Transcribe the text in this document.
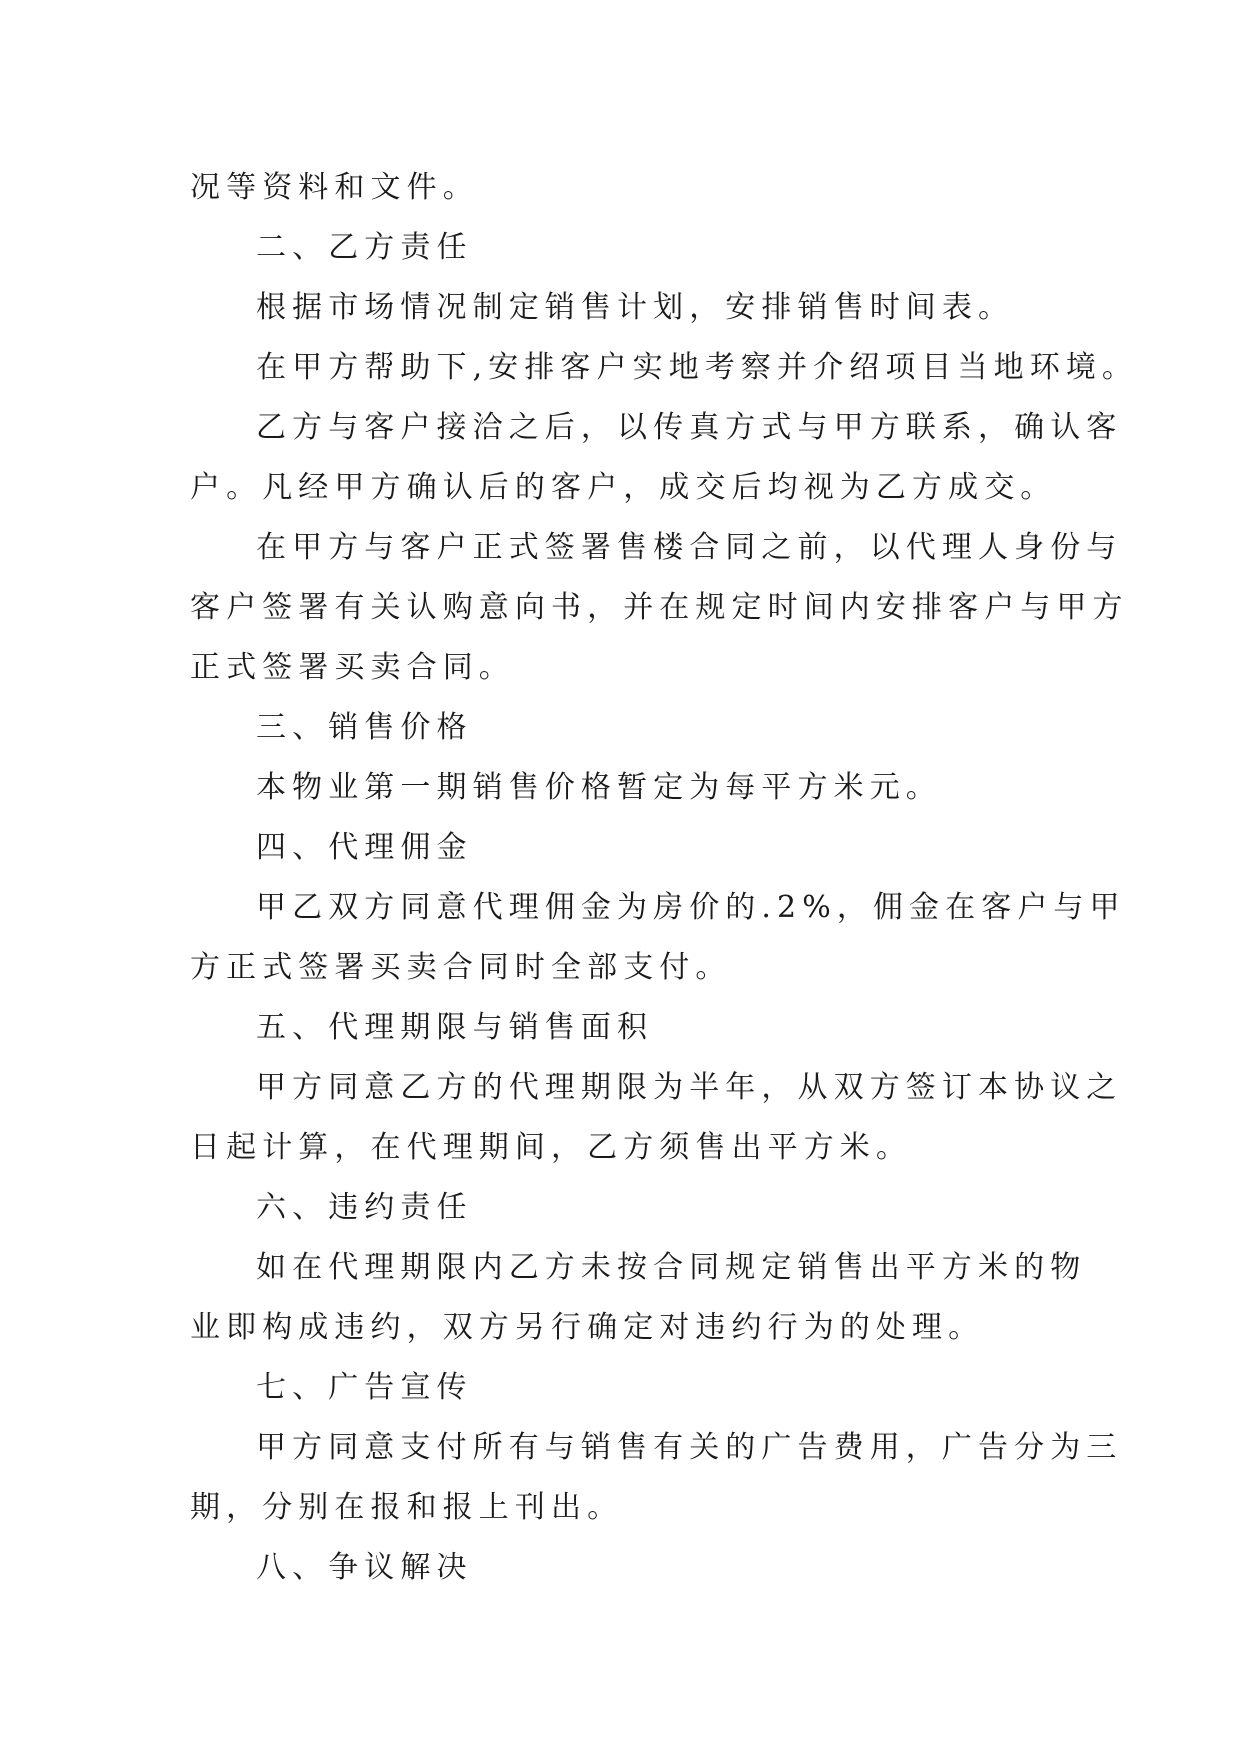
况等资料和文件。

二、乙方责任

根据市场情况制定销售计划，安排销售时间表。

在甲方帮助下,安排客户实地考察并介绍项目当地环境。

乙方与客户接洽之后，以传真方式与甲方联系，确认客

户。凡经甲方确认后的客户，成交后均视为乙方成交。

在甲方与客户正式签署售楼合同之前，以代理人身份与

客户签署有关认购意向书，并在规定时间内安排客户与甲方

正式签署买卖合同。

三、销售价格

本物业第一期销售价格暂定为每平方米元。

四、代理佣金

甲乙双方同意代理佣金为房价的.2%，佣金在客户与甲

方正式签署买卖合同时全部支付。

五、代理期限与销售面积

甲方同意乙方的代理期限为半年，从双方签订本协议之

日起计算，在代理期间，乙方须售出平方米。

六、违约责任

如在代理期限内乙方未按合同规定销售出平方米的物

业即构成违约，双方另行确定对违约行为的处理。

七、广告宣传

甲方同意支付所有与销售有关的广告费用，广告分为三

期，分别在报和报上刊出。

八、争议解决
